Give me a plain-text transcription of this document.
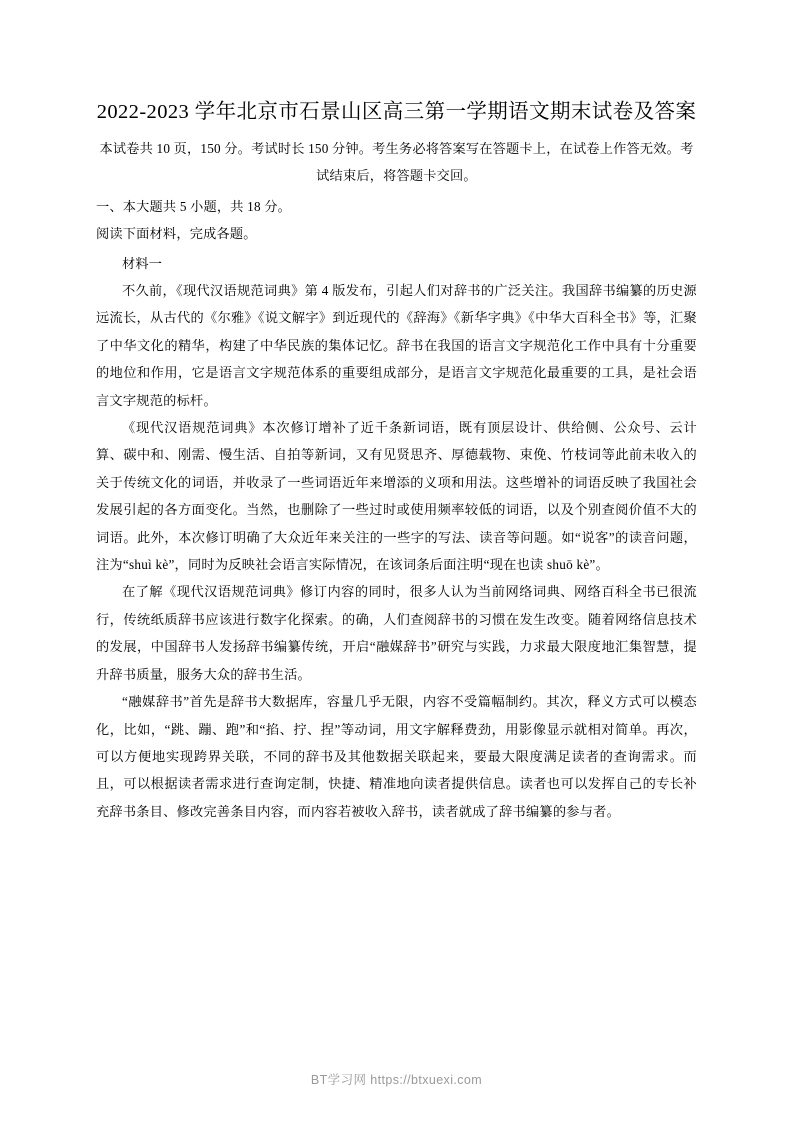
2022-2023 学年北京市石景山区高三第一学期语文期末试卷及答案
本试卷共 10 页，150 分。考试时长 150 分钟。考生务必将答案写在答题卡上，在试卷上作答无效。考试结束后，将答题卡交回。
一、本大题共 5 小题，共 18 分。
阅读下面材料，完成各题。
材料一

不久前，《现代汉语规范词典》第 4 版发布，引起人们对辞书的广泛关注。我国辞书编纂的历史源远流长，从古代的《尔雅》《说文解字》到近现代的《辞海》《新华字典》《中华大百科全书》等，汇聚了中华文化的精华，构建了中华民族的集体记忆。辞书在我国的语言文字规范化工作中具有十分重要的地位和作用，它是语言文字规范体系的重要组成部分，是语言文字规范化最重要的工具，是社会语言文字规范的标杆。

《现代汉语规范词典》本次修订增补了近千条新词语，既有顶层设计、供给侧、公众号、云计算、碳中和、刚需、慢生活、自拍等新词，又有见贤思齐、厚德载物、束俛、竹枝词等此前未收入的关于传统文化的词语，并收录了一些词语近年来增添的义项和用法。这些增补的词语反映了我国社会发展引起的各方面变化。当然，也删除了一些过时或使用频率较低的词语，以及个别查阅价值不大的词语。此外，本次修订明确了大众近年来关注的一些字的写法、读音等问题。如“说客”的读音问题，注为“shuì kè”，同时为反映社会语言实际情况，在该词条后面注明“现在也读 shuō kè”。

在了解《现代汉语规范词典》修订内容的同时，很多人认为当前网络词典、网络百科全书已很流行，传统纸质辞书应该进行数字化探索。的确，人们查阅辞书的习惯在发生改变。随着网络信息技术的发展，中国辞书人发扬辞书编纂传统，开启“融媒辞书”研究与实践，力求最大限度地汇集智慧，提升辞书质量，服务大众的辞书生活。

“融媒辞书”首先是辞书大数据库，容量几乎无限，内容不受篇幅制约。其次，释义方式可以模态化，比如，“跳、蹦、跑”和“掐、拧、捏”等动词，用文字解释费劲，用影像显示就相对简单。再次，可以方便地实现跨界关联，不同的辞书及其他数据关联起来，要最大限度满足读者的查询需求。而且，可以根据读者需求进行查询定制，快捷、精准地向读者提供信息。读者也可以发挥自己的专长补充辞书条目、修改完善条目内容，而内容若被收入辞书，读者就成了辞书编纂的参与者。

BT学习网 https://btxuexi.com
